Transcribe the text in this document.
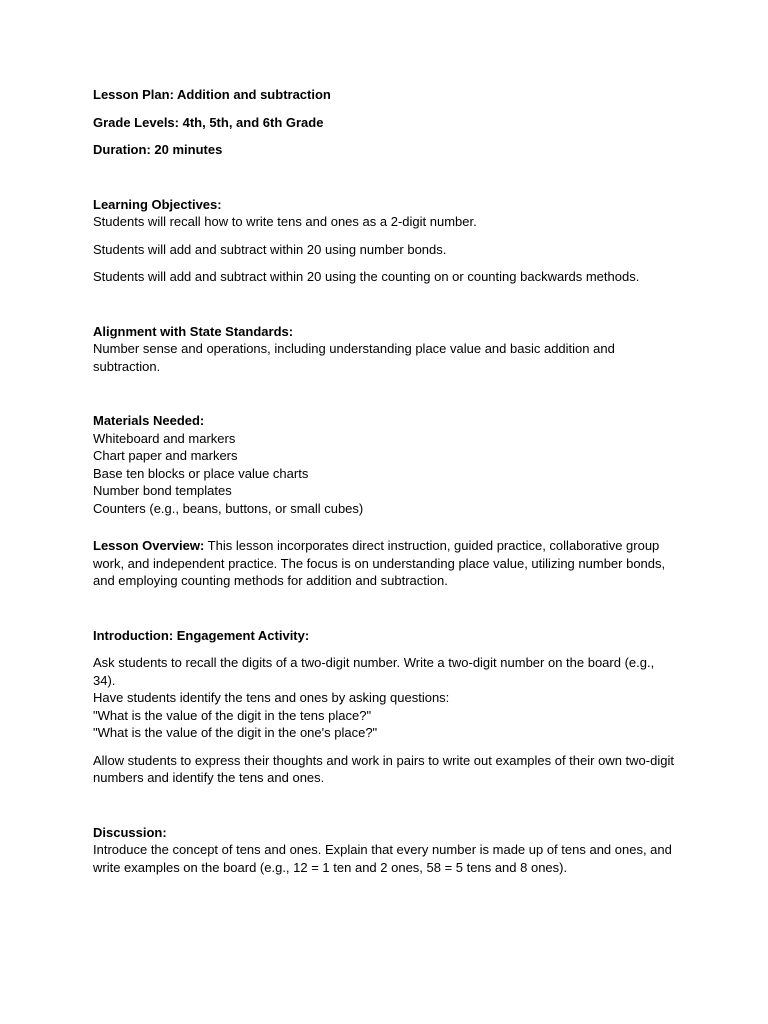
Lesson Plan: Addition and subtraction

Grade Levels: 4th, 5th, and 6th Grade

Duration: 20 minutes

Learning Objectives:

Students will recall how to write tens and ones as a 2-digit number.

Students will add and subtract within 20 using number bonds.

Students will add and subtract within 20 using the counting on or counting backwards methods.

Alignment with State Standards:

Number sense and operations, including understanding place value and basic addition and subtraction.

Materials Needed:

Whiteboard and markers

Chart paper and markers

Base ten blocks or place value charts

Number bond templates

Counters (e.g., beans, buttons, or small cubes)

Lesson Overview: This lesson incorporates direct instruction, guided practice, collaborative group work, and independent practice. The focus is on understanding place value, utilizing number bonds, and employing counting methods for addition and subtraction.

Introduction: Engagement Activity:

Ask students to recall the digits of a two-digit number. Write a two-digit number on the board (e.g., 34).

Have students identify the tens and ones by asking questions:

"What is the value of the digit in the tens place?"

"What is the value of the digit in the one's place?"

Allow students to express their thoughts and work in pairs to write out examples of their own two-digit numbers and identify the tens and ones.

Discussion:

Introduce the concept of tens and ones. Explain that every number is made up of tens and ones, and write examples on the board (e.g., 12 = 1 ten and 2 ones, 58 = 5 tens and 8 ones).
